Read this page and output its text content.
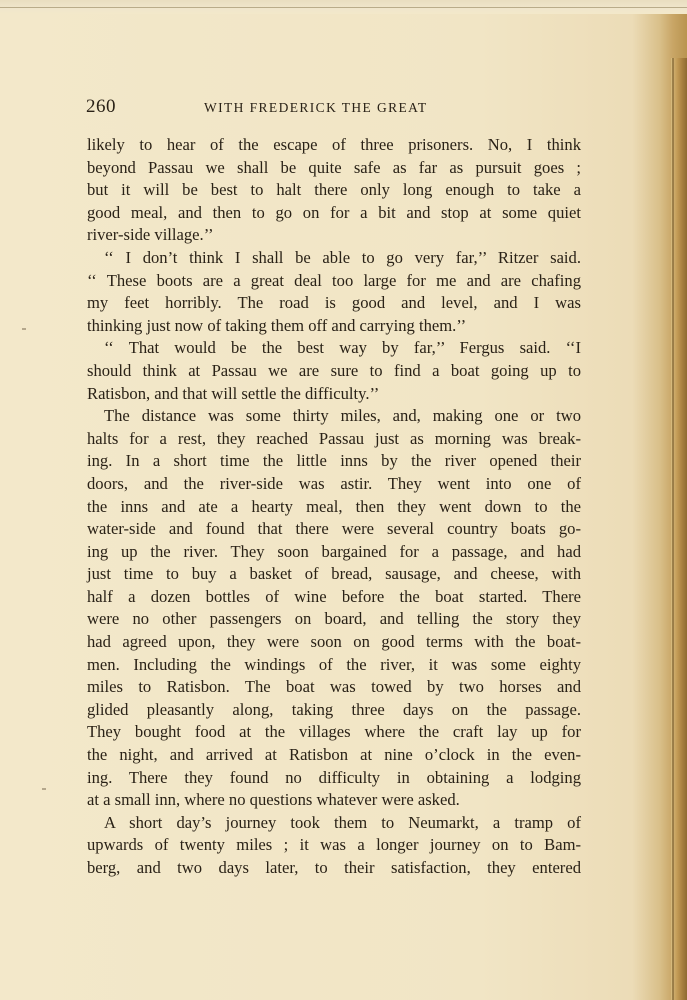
260	WITH FREDERICK THE GREAT
likely to hear of the escape of three prisoners. No, I think
beyond Passau we shall be quite safe as far as pursuit goes ;
but it will be best to halt there only long enough to take a
good meal, and then to go on for a bit and stop at some quiet
river-side village.’’
‘‘ I don’t think I shall be able to go very far,’’ Ritzer said.
‘‘ These boots are a great deal too large for me and are chafing
my feet horribly. The road is good and level, and I was
thinking just now of taking them off and carrying them.’’
‘‘ That would be the best way by far,’’ Fergus said. ‘‘I
should think at Passau we are sure to find a boat going up to
Ratisbon, and that will settle the difficulty.’’
The distance was some thirty miles, and, making one or two
halts for a rest, they reached Passau just as morning was break-
ing. In a short time the little inns by the river opened their
doors, and the river-side was astir. They went into one of
the inns and ate a hearty meal, then they went down to the
water-side and found that there were several country boats go-
ing up the river. They soon bargained for a passage, and had
just time to buy a basket of bread, sausage, and cheese, with
half a dozen bottles of wine before the boat started. There
were no other passengers on board, and telling the story they
had agreed upon, they were soon on good terms with the boat-
men. Including the windings of the river, it was some eighty
miles to Ratisbon. The boat was towed by two horses and
glided pleasantly along, taking three days on the passage.
They bought food at the villages where the craft lay up for
the night, and arrived at Ratisbon at nine o’clock in the even-
ing. There they found no difficulty in obtaining a lodging
at a small inn, where no questions whatever were asked.
A short day’s journey took them to Neumarkt, a tramp of
upwards of twenty miles ; it was a longer journey on to Bam-
berg, and two days later, to their satisfaction, they entered
